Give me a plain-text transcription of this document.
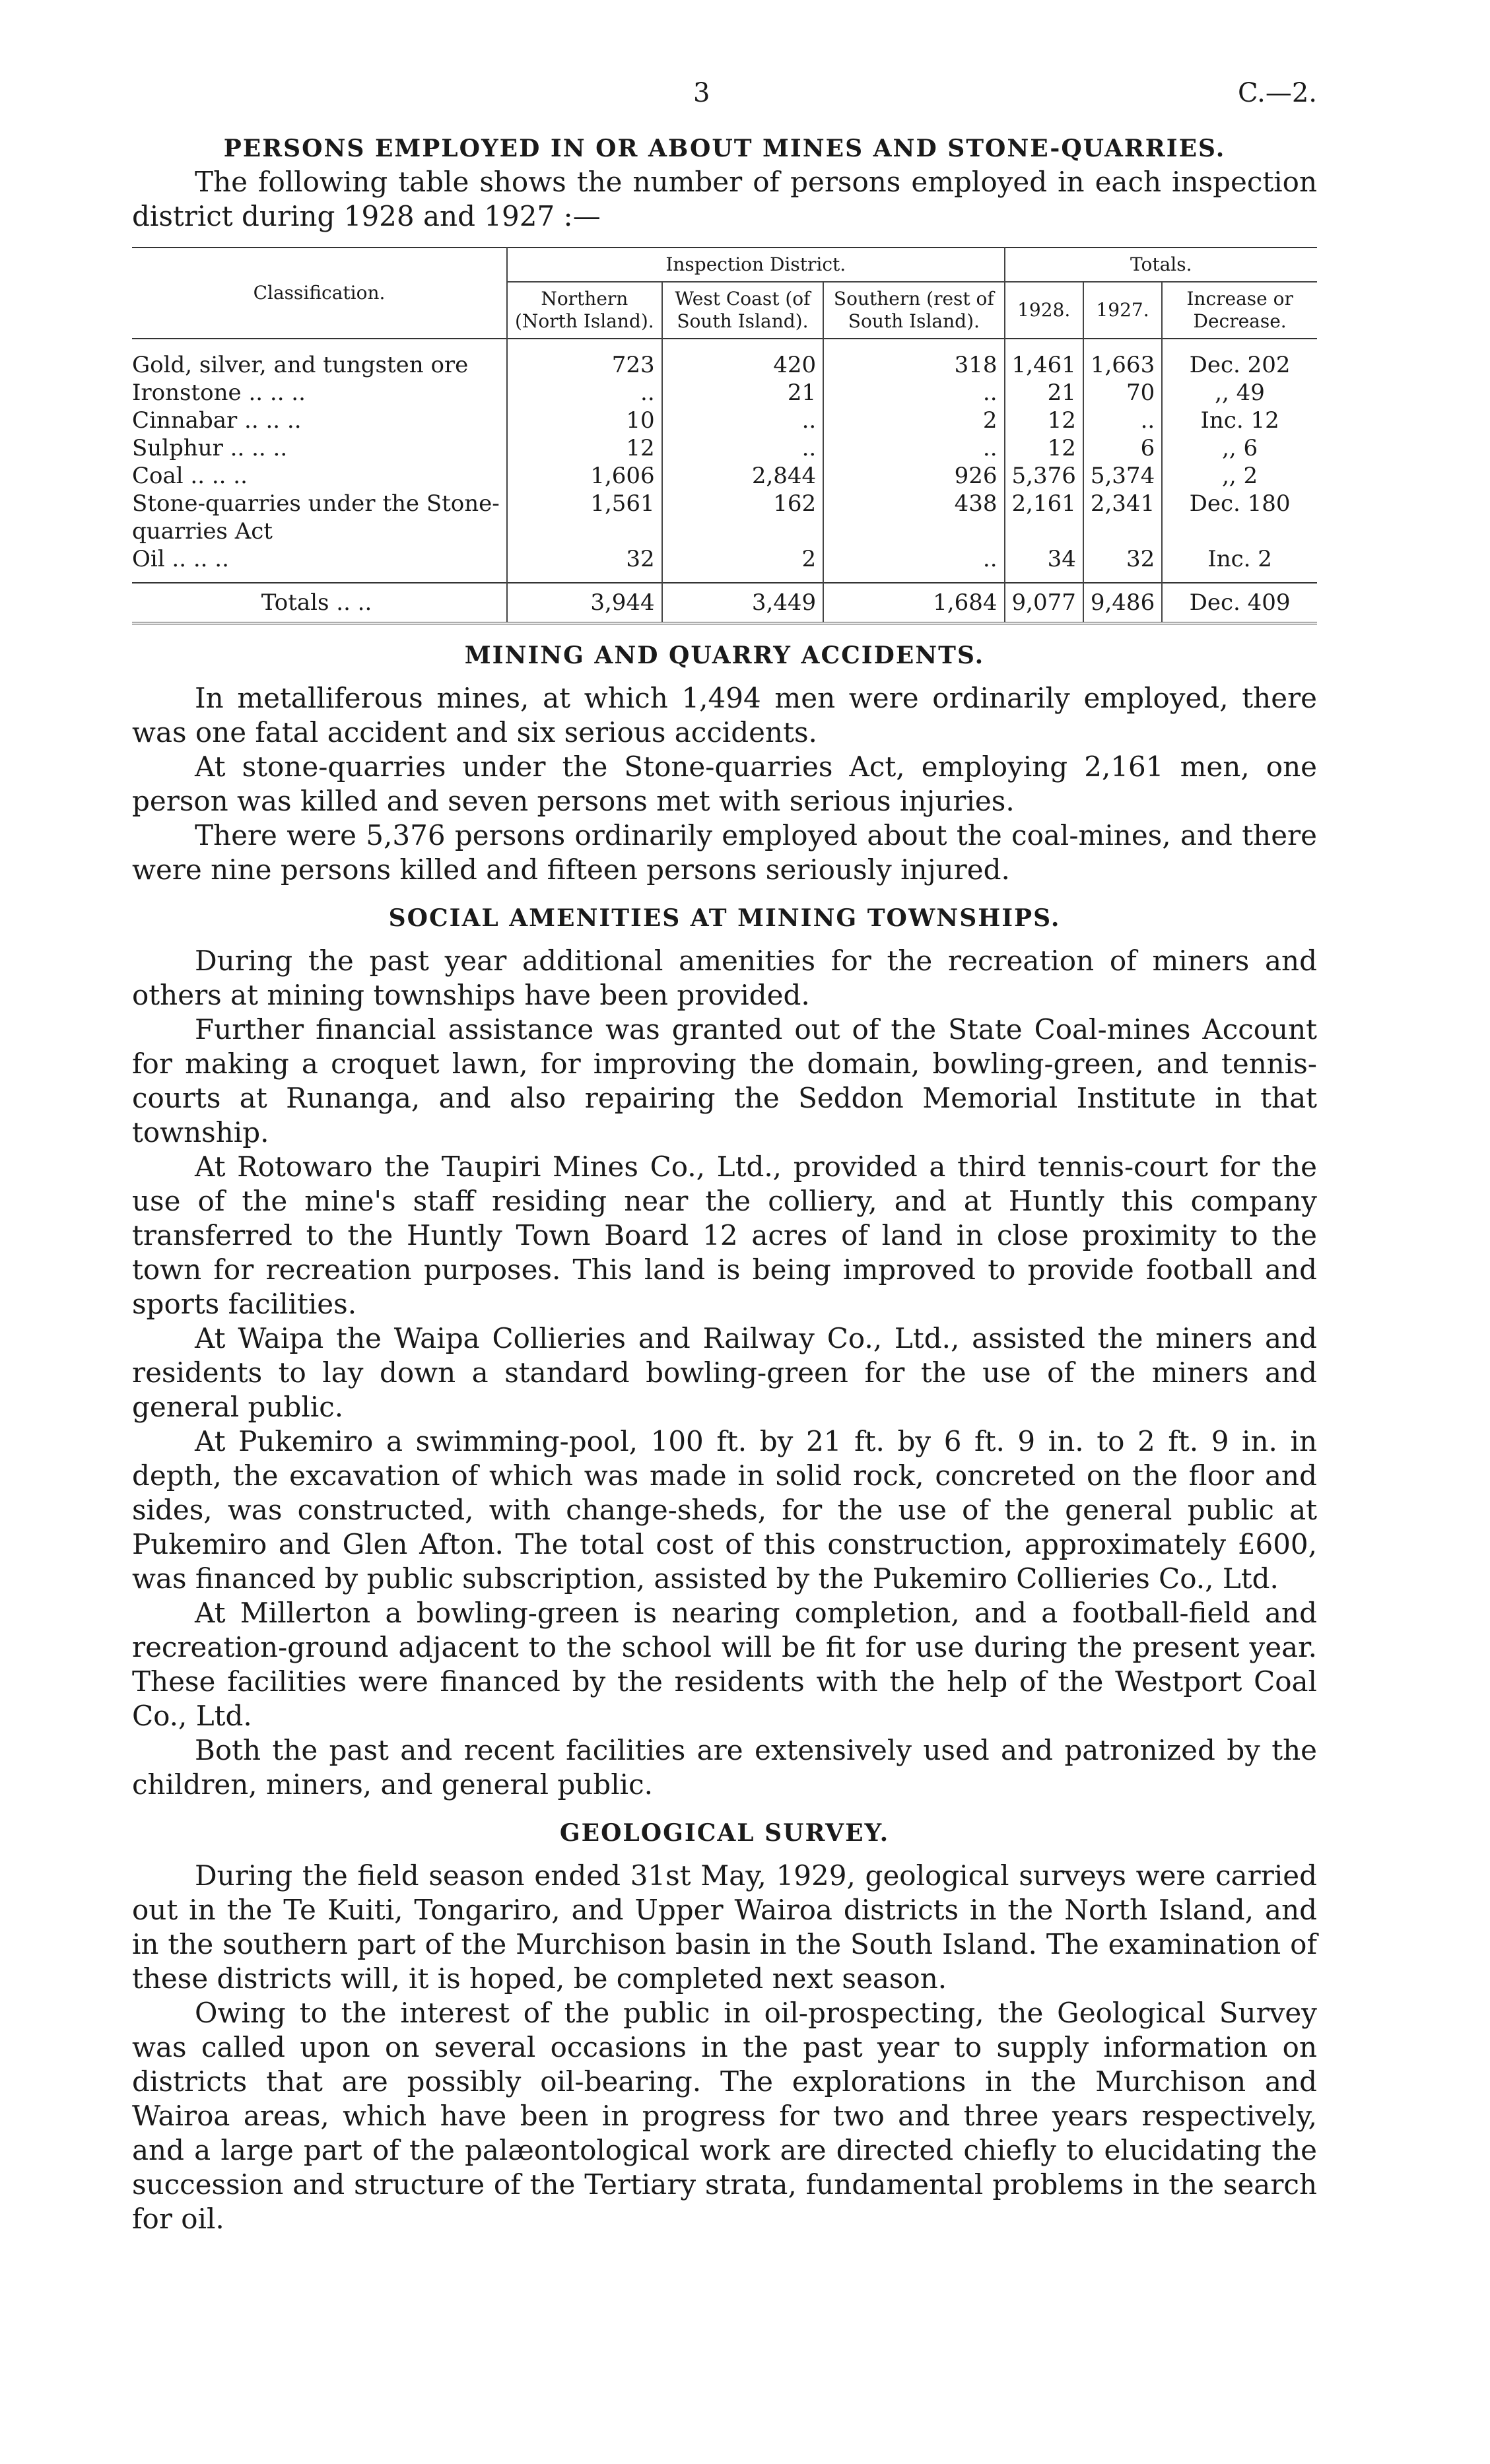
3	C.—2.
PERSONS EMPLOYED IN OR ABOUT MINES AND STONE-QUARRIES.

The following table shows the number of persons employed in each inspection district during 1928 and 1927 :—

Classification.	Inspection District.			Totals.		
	Northern (North Island).	West Coast (of South Island).	Southern (rest of South Island).	1928.	1927.	Increase or Decrease.
Gold, silver, and tungsten ore	723	420	318	1,461	1,663	Dec. 202
Ironstone .. .. ..	..	21	..	21	70	,, 49
Cinnabar .. .. ..	10	..	2	12	..	Inc. 12
Sulphur .. .. ..	12	..	..	12	6	,, 6
Coal .. .. ..	1,606	2,844	926	5,376	5,374	,, 2
Stone-quarries under the Stone-quarries Act	1,561	162	438	2,161	2,341	Dec. 180
Oil .. .. ..	32	2	..	34	32	Inc. 2
Totals .. ..	3,944	3,449	1,684	9,077	9,486	Dec. 409
MINING AND QUARRY ACCIDENTS.

In metalliferous mines, at which 1,494 men were ordinarily employed, there was one fatal accident and six serious accidents.

At stone-quarries under the Stone-quarries Act, employing 2,161 men, one person was killed and seven persons met with serious injuries.

There were 5,376 persons ordinarily employed about the coal-mines, and there were nine persons killed and fifteen persons seriously injured.

SOCIAL AMENITIES AT MINING TOWNSHIPS.

During the past year additional amenities for the recreation of miners and others at mining townships have been provided.

Further financial assistance was granted out of the State Coal-mines Account for making a croquet lawn, for improving the domain, bowling-green, and tennis-courts at Runanga, and also repairing the Seddon Memorial Institute in that township.

At Rotowaro the Taupiri Mines Co., Ltd., provided a third tennis-court for the use of the mine's staff residing near the colliery, and at Huntly this company transferred to the Huntly Town Board 12 acres of land in close proximity to the town for recreation purposes. This land is being improved to provide football and sports facilities.

At Waipa the Waipa Collieries and Railway Co., Ltd., assisted the miners and residents to lay down a standard bowling-green for the use of the miners and general public.

At Pukemiro a swimming-pool, 100 ft. by 21 ft. by 6 ft. 9 in. to 2 ft. 9 in. in depth, the excavation of which was made in solid rock, concreted on the floor and sides, was constructed, with change-sheds, for the use of the general public at Pukemiro and Glen Afton. The total cost of this construction, approximately £600, was financed by public subscription, assisted by the Pukemiro Collieries Co., Ltd.

At Millerton a bowling-green is nearing completion, and a football-field and recreation-ground adjacent to the school will be fit for use during the present year. These facilities were financed by the residents with the help of the Westport Coal Co., Ltd.

Both the past and recent facilities are extensively used and patronized by the children, miners, and general public.

GEOLOGICAL SURVEY.

During the field season ended 31st May, 1929, geological surveys were carried out in the Te Kuiti, Tongariro, and Upper Wairoa districts in the North Island, and in the southern part of the Murchison basin in the South Island. The examination of these districts will, it is hoped, be completed next season.

Owing to the interest of the public in oil-prospecting, the Geological Survey was called upon on several occasions in the past year to supply information on districts that are possibly oil-bearing. The explorations in the Murchison and Wairoa areas, which have been in progress for two and three years respectively, and a large part of the palæontological work are directed chiefly to elucidating the succession and structure of the Tertiary strata, fundamental problems in the search for oil.
